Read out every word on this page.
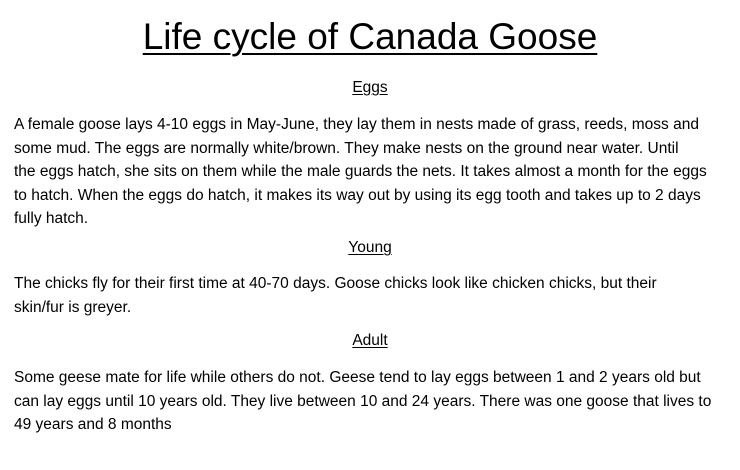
Life cycle of Canada Goose
Eggs
A female goose lays 4-10 eggs in May-June, they lay them in nests made of grass, reeds, moss and
some mud. The eggs are normally white/brown. They make nests on the ground near water. Until
the eggs hatch, she sits on them while the male guards the nets. It takes almost a month for the eggs
to hatch. When the eggs do hatch, it makes its way out by using its egg tooth and takes up to 2 days
fully hatch.
Young
The chicks fly for their first time at 40-70 days. Goose chicks look like chicken chicks, but their
skin/fur is greyer.
Adult
Some geese mate for life while others do not. Geese tend to lay eggs between 1 and 2 years old but
can lay eggs until 10 years old. They live between 10 and 24 years. There was one goose that lives to
49 years and 8 months
